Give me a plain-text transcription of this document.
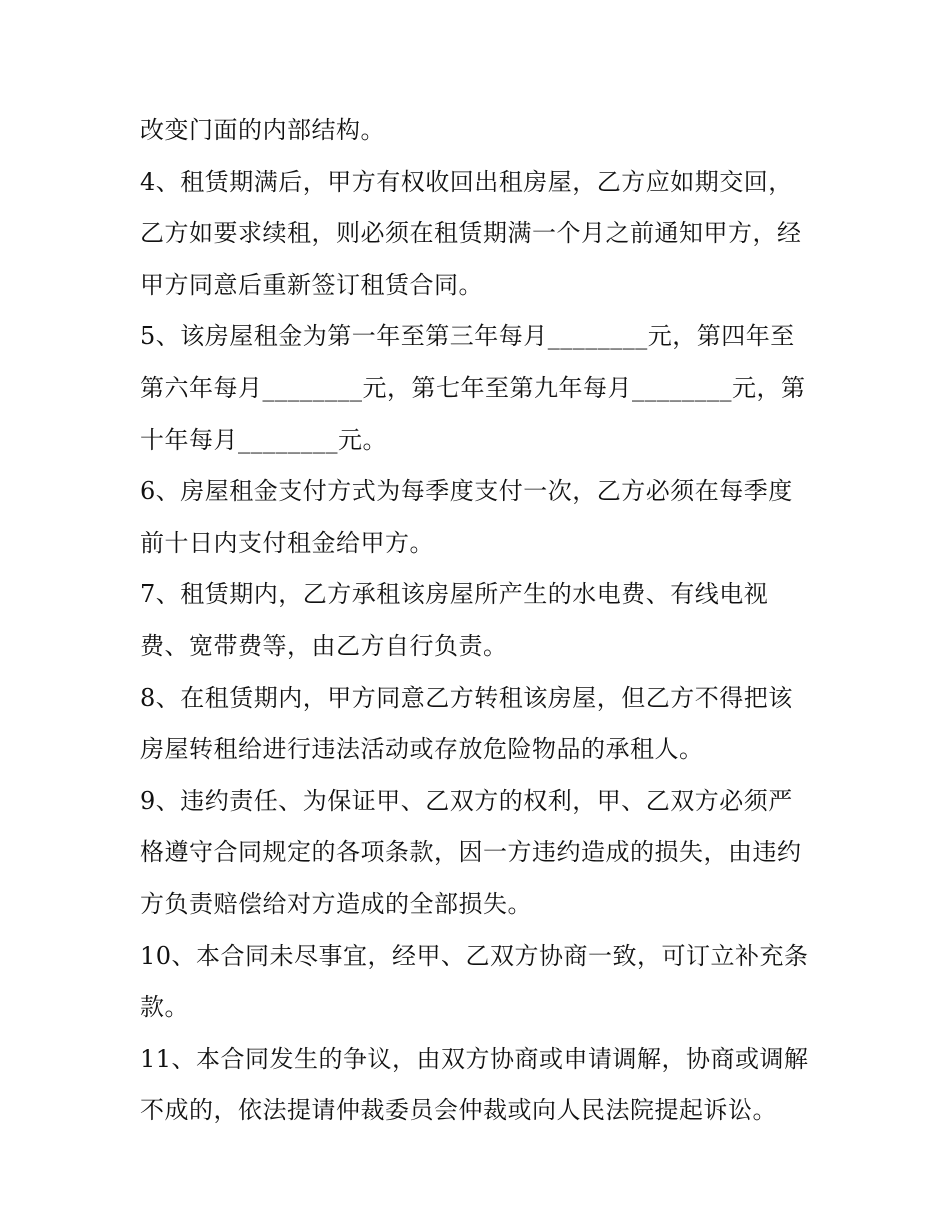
改变门面的内部结构。

4、租赁期满后，甲方有权收回出租房屋，乙方应如期交回，
乙方如要求续租，则必须在租赁期满一个月之前通知甲方，经
甲方同意后重新签订租赁合同。

5、该房屋租金为第一年至第三年每月________元，第四年至
第六年每月________元，第七年至第九年每月________元，第
十年每月________元。

6、房屋租金支付方式为每季度支付一次，乙方必须在每季度
前十日内支付租金给甲方。

7、租赁期内，乙方承租该房屋所产生的水电费、有线电视
费、宽带费等，由乙方自行负责。

8、在租赁期内，甲方同意乙方转租该房屋，但乙方不得把该
房屋转租给进行违法活动或存放危险物品的承租人。

9、违约责任、为保证甲、乙双方的权利，甲、乙双方必须严
格遵守合同规定的各项条款，因一方违约造成的损失，由违约
方负责赔偿给对方造成的全部损失。

10、本合同未尽事宜，经甲、乙双方协商一致，可订立补充条
款。

11、本合同发生的争议，由双方协商或申请调解，协商或调解
不成的，依法提请仲裁委员会仲裁或向人民法院提起诉讼。
